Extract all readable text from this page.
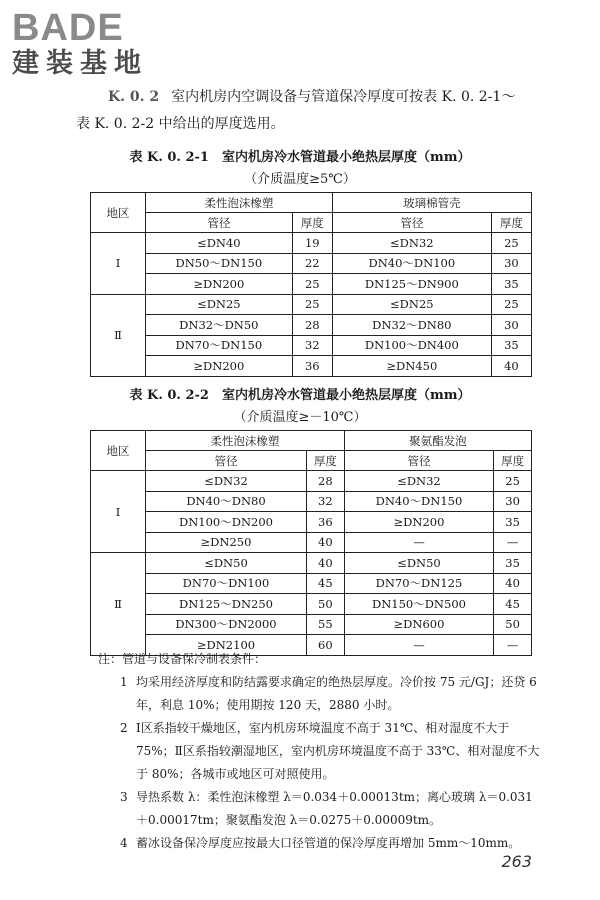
BADE
建装基地
K. 0. 2 室内机房内空调设备与管道保冷厚度可按表 K. 0. 2-1～
表 K. 0. 2-2 中给出的厚度选用。
表 K. 0. 2-1　室内机房冷水管道最小绝热层厚度（mm）
（介质温度≥5℃）
地区	柔性泡沫橡塑		玻璃棉管壳	
	管径	厚度	管径	厚度
Ⅰ	≤DN40	19	≤DN32	25
	DN50～DN150	22	DN40～DN100	30
	≥DN200	25	DN125～DN900	35
Ⅱ	≤DN25	25	≤DN25	25
	DN32～DN50	28	DN32～DN80	30
	DN70～DN150	32	DN100～DN400	35
	≥DN200	36	≥DN450	40
表 K. 0. 2-2　室内机房冷水管道最小绝热层厚度（mm）
（介质温度≥－10℃）
地区	柔性泡沫橡塑		聚氨酯发泡	
	管径	厚度	管径	厚度
Ⅰ	≤DN32	28	≤DN32	25
	DN40～DN80	32	DN40～DN150	30
	DN100～DN200	36	≥DN200	35
	≥DN250	40	—	—
Ⅱ	≤DN50	40	≤DN50	35
	DN70～DN100	45	DN70～DN125	40
	DN125～DN250	50	DN150～DN500	45
	DN300～DN2000	55	≥DN600	50
	≥DN2100	60	—	—
注：管道与设备保冷制表条件：
1 均采用经济厚度和防结露要求确定的绝热层厚度。冷价按 75 元/GJ；还贷 6 年，利息 10%；使用期按 120 天，2880 小时。
2 Ⅰ区系指较干燥地区，室内机房环境温度不高于 31℃、相对湿度不大于 75%；Ⅱ区系指较潮湿地区，室内机房环境温度不高于 33℃、相对湿度不大于 80%；各城市或地区可对照使用。
3 导热系数 λ：柔性泡沫橡塑 λ＝0.034＋0.00013tm；离心玻璃 λ＝0.031＋0.00017tm；聚氨酯发泡 λ＝0.0275＋0.00009tm。
4 蓄冰设备保冷厚度应按最大口径管道的保冷厚度再增加 5mm～10mm。
263
